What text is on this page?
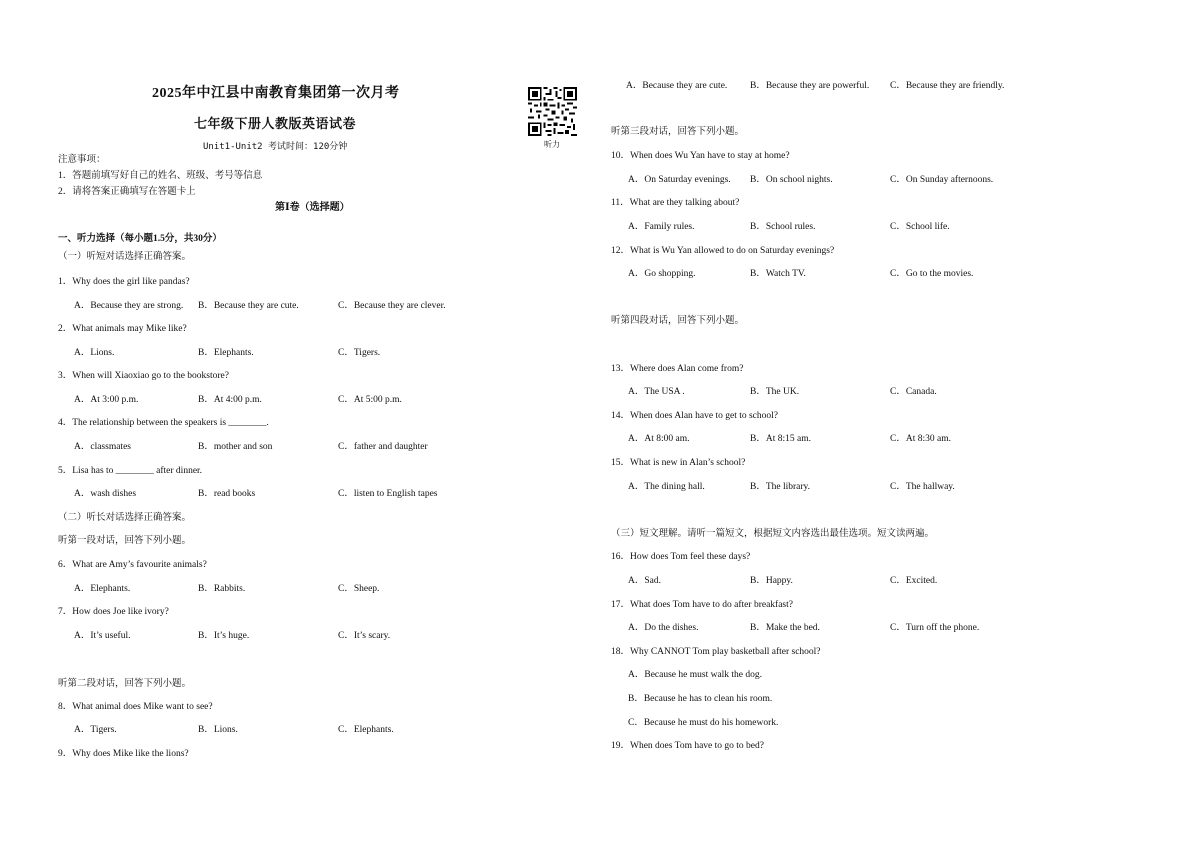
2025年中江县中南教育集团第一次月考
七年级下册人教版英语试卷
Unit1-Unit2 考试时间：120分钟	听力
注意事项：
1．答题前填写好自己的姓名、班级、考号等信息
2．请将答案正确填写在答题卡上
第Ⅰ卷（选择题）
一、听力选择（每小题1.5分，共30分）
（一）听短对话选择正确答案。
1．Why does the girl like pandas?
A．Because they are strong. B．Because they are cute.	C．Because they are clever.
2．What animals may Mike like?
A．Lions.	B．Elephants.	C．Tigers.
3．When will Xiaoxiao go to the bookstore?
A．At 3:00 p.m.	B．At 4:00 p.m.	C．At 5:00 p.m.
4．The relationship between the speakers is ________.
A．classmates	B．mother and son	C．father and daughter
5．Lisa has to ________ after dinner.
A．wash dishes	B．read books	C．listen to English tapes
（二）听长对话选择正确答案。
听第一段对话，回答下列小题。
6．What are Amy’s favourite animals?
A．Elephants.	B．Rabbits.	C．Sheep.
7．How does Joe like ivory?
A．It’s useful.	B．It’s huge.	C．It’s scary.
听第二段对话，回答下列小题。
8．What animal does Mike want to see?
A．Tigers.	B．Lions.	C．Elephants.
9．Why does Mike like the lions?
A．Because they are cute. B．Because they are powerful. C．Because they are friendly.
听第三段对话，回答下列小题。
10．When does Wu Yan have to stay at home?
A．On Saturday evenings. B．On school nights.	C．On Sunday afternoons.
11．What are they talking about?
A．Family rules.	B．School rules.	C．School life.
12．What is Wu Yan allowed to do on Saturday evenings?
A．Go shopping.	B．Watch TV.	C．Go to the movies.
听第四段对话，回答下列小题。
13．Where does Alan come from?
A．The USA .	B．The UK.	C．Canada.
14．When does Alan have to get to school?
A．At 8:00 am.	B．At 8:15 am.	C．At 8:30 am.
15．What is new in Alan’s school?
A．The dining hall.	B．The library.	C．The hallway.
（三）短文理解。请听一篇短文，根据短文内容选出最佳选项。短文读两遍。
16．How does Tom feel these days?
A．Sad.	B．Happy.	C．Excited.
17．What does Tom have to do after breakfast?
A．Do the dishes.	B．Make the bed.	C．Turn off the phone.
18．Why CANNOT Tom play basketball after school?
A．Because he must walk the dog.
B．Because he has to clean his room.
C．Because he must do his homework.
19．When does Tom have to go to bed?
